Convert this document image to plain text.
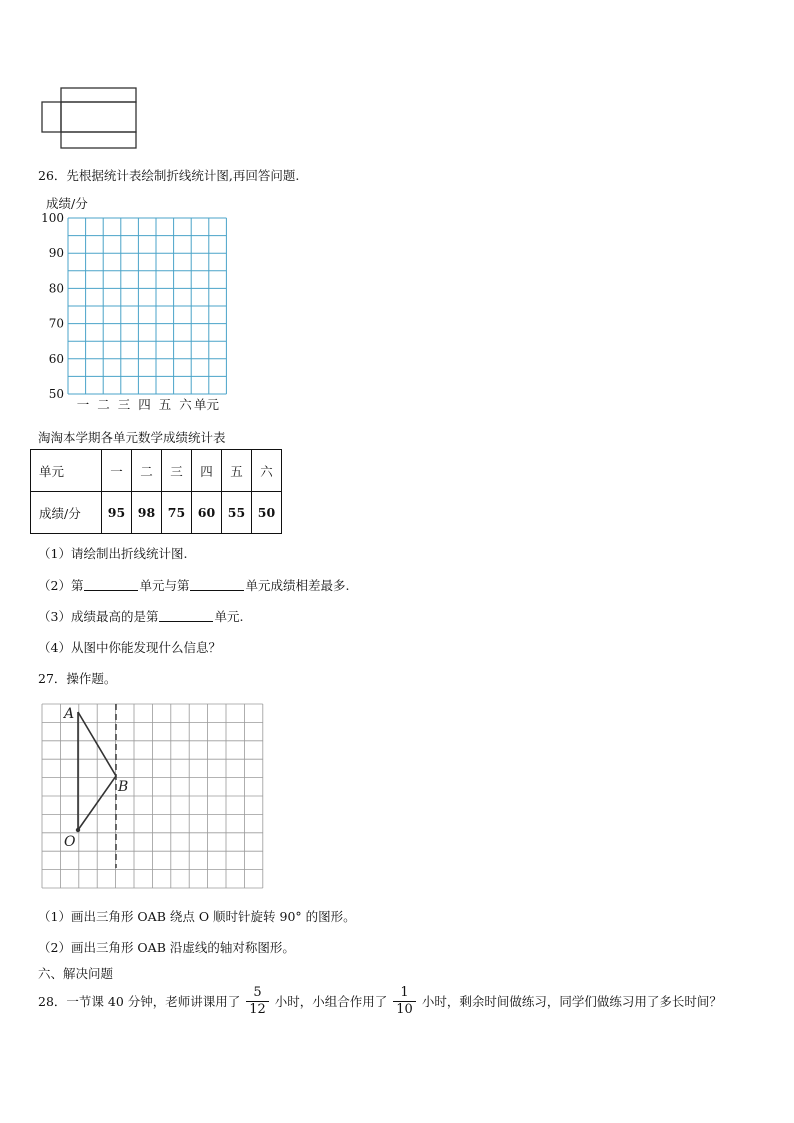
26．先根据统计表绘制折线统计图,再回答问题.
成绩/分
100
90
80
70
60
50
一 二 三 四 五 六 单元
淘淘本学期各单元数学成绩统计表
单元	一	二	三	四	五	六
成绩/分	95	98	75	60	55	50
（1）请绘制出折线统计图.
（2）第	单元与第	单元成绩相差最多.
（3）成绩最高的是第	单元.
（4）从图中你能发现什么信息？
27．操作题。
A
B
O
（1）画出三角形 OAB 绕点 O 顺时针旋转 90° 的图形。
（2）画出三角形 OAB 沿虚线的轴对称图形。
六、解决问题
28．一节课 40 分钟，老师讲课用了 $\frac{5}{12}$ 小时，小组合作用了 $\frac{1}{10}$ 小时，剩余时间做练习，同学们做练习用了多长时间？
